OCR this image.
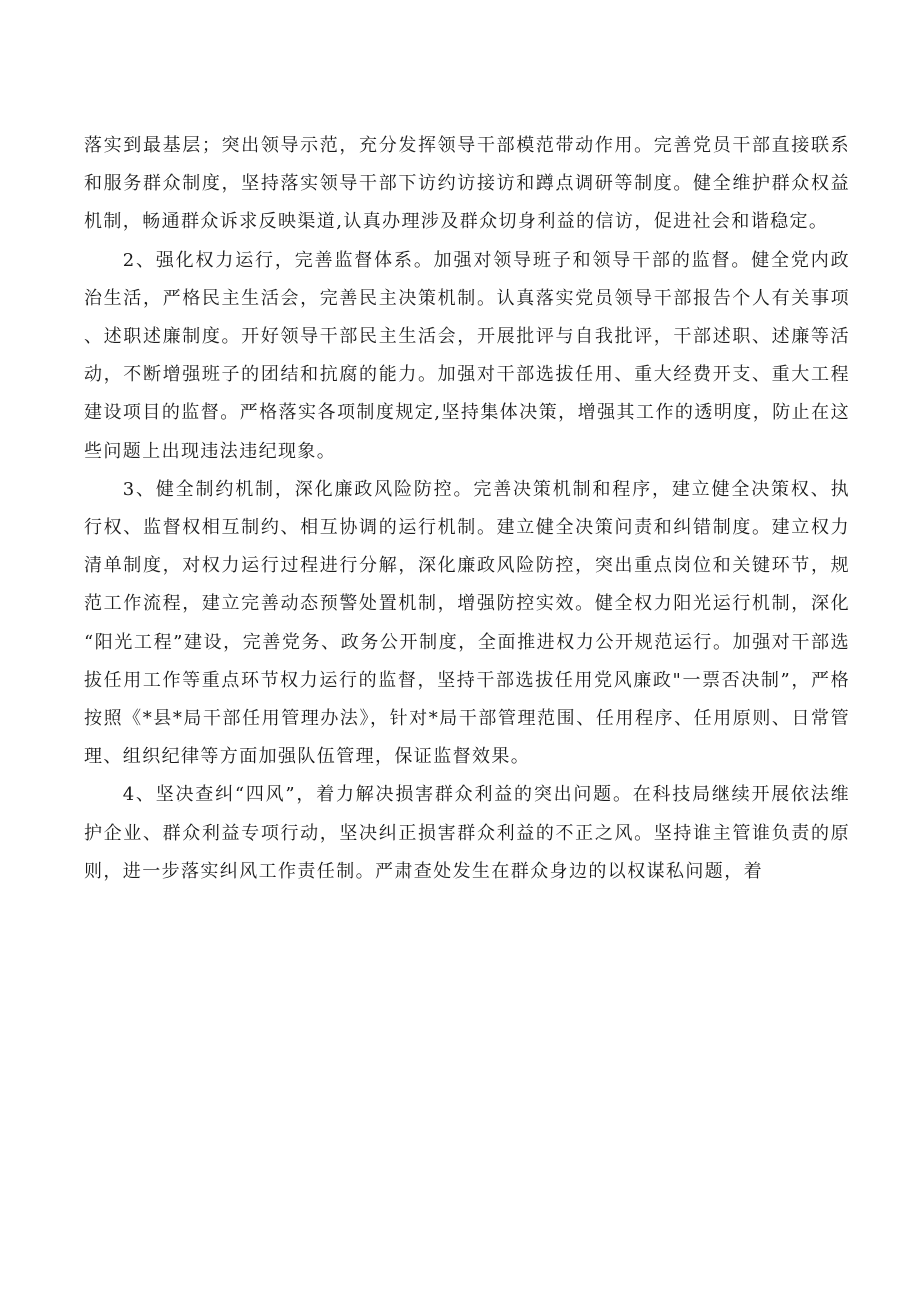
落实到最基层；突出领导示范，充分发挥领导干部模范带动作用。完善党员干部直接联系和服务群众制度，坚持落实领导干部下访约访接访和蹲点调研等制度。健全维护群众权益机制，畅通群众诉求反映渠道,认真办理涉及群众切身利益的信访，促进社会和谐稳定。

2、强化权力运行，完善监督体系。加强对领导班子和领导干部的监督。健全党内政治生活，严格民主生活会，完善民主决策机制。认真落实党员领导干部报告个人有关事项、述职述廉制度。开好领导干部民主生活会，开展批评与自我批评，干部述职、述廉等活动，不断增强班子的团结和抗腐的能力。加强对干部选拔任用、重大经费开支、重大工程建设项目的监督。严格落实各项制度规定,坚持集体决策，增强其工作的透明度，防止在这些问题上出现违法违纪现象。

3、健全制约机制，深化廉政风险防控。完善决策机制和程序，建立健全决策权、执行权、监督权相互制约、相互协调的运行机制。建立健全决策问责和纠错制度。建立权力清单制度，对权力运行过程进行分解，深化廉政风险防控，突出重点岗位和关键环节，规范工作流程，建立完善动态预警处置机制，增强防控实效。健全权力阳光运行机制，深化“阳光工程”建设，完善党务、政务公开制度，全面推进权力公开规范运行。加强对干部选拔任用工作等重点环节权力运行的监督，坚持干部选拔任用党风廉政"一票否决制”，严格按照《*县*局干部任用管理办法》，针对*局干部管理范围、任用程序、任用原则、日常管理、组织纪律等方面加强队伍管理，保证监督效果。

4、坚决查纠“四风”，着力解决损害群众利益的突出问题。在科技局继续开展依法维护企业、群众利益专项行动，坚决纠正损害群众利益的不正之风。坚持谁主管谁负责的原则，进一步落实纠风工作责任制。严肃查处发生在群众身边的以权谋私问题，着
